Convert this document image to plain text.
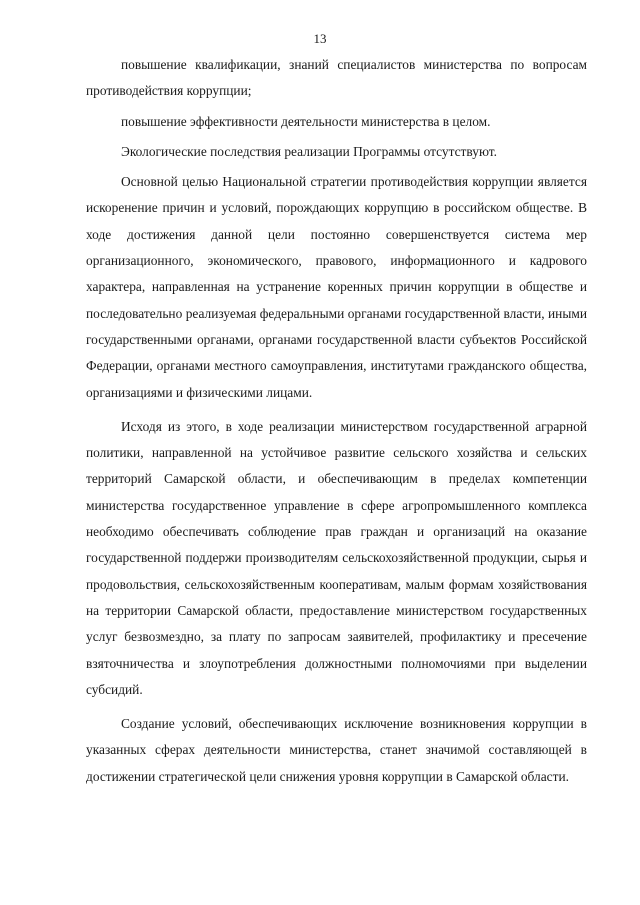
13

повышение квалификации, знаний специалистов министерства по вопросам противодействия коррупции;

повышение эффективности деятельности министерства в целом.

Экологические последствия реализации Программы отсутствуют.

Основной целью Национальной стратегии противодействия коррупции является искоренение причин и условий, порождающих коррупцию в российском обществе. В ходе достижения данной цели постоянно совершенствуется система мер организационного, экономического, правового, информационного и кадрового характера, направленная на устранение коренных причин коррупции в обществе и последовательно реализуемая федеральными органами государственной власти, иными государственными органами, органами государственной власти субъектов Российской Федерации, органами местного самоуправления, институтами гражданского общества, организациями и физическими лицами.

Исходя из этого, в ходе реализации министерством государственной аграрной политики, направленной на устойчивое развитие сельского хозяйства и сельских территорий Самарской области, и обеспечивающим в пределах компетенции министерства государственное управление в сфере агропромышленного комплекса необходимо обеспечивать соблюдение прав граждан и организаций на оказание государственной поддержи производителям сельскохозяйственной продукции, сырья и продовольствия, сельскохозяйственным кооперативам, малым формам хозяйствования на территории Самарской области, предоставление министерством государственных услуг безвозмездно, за плату по запросам заявителей, профилактику и пресечение взяточничества и злоупотребления должностными полномочиями при выделении субсидий.

Создание условий, обеспечивающих исключение возникновения коррупции в указанных сферах деятельности министерства, станет значимой составляющей в достижении стратегической цели снижения уровня коррупции в Самарской области.
